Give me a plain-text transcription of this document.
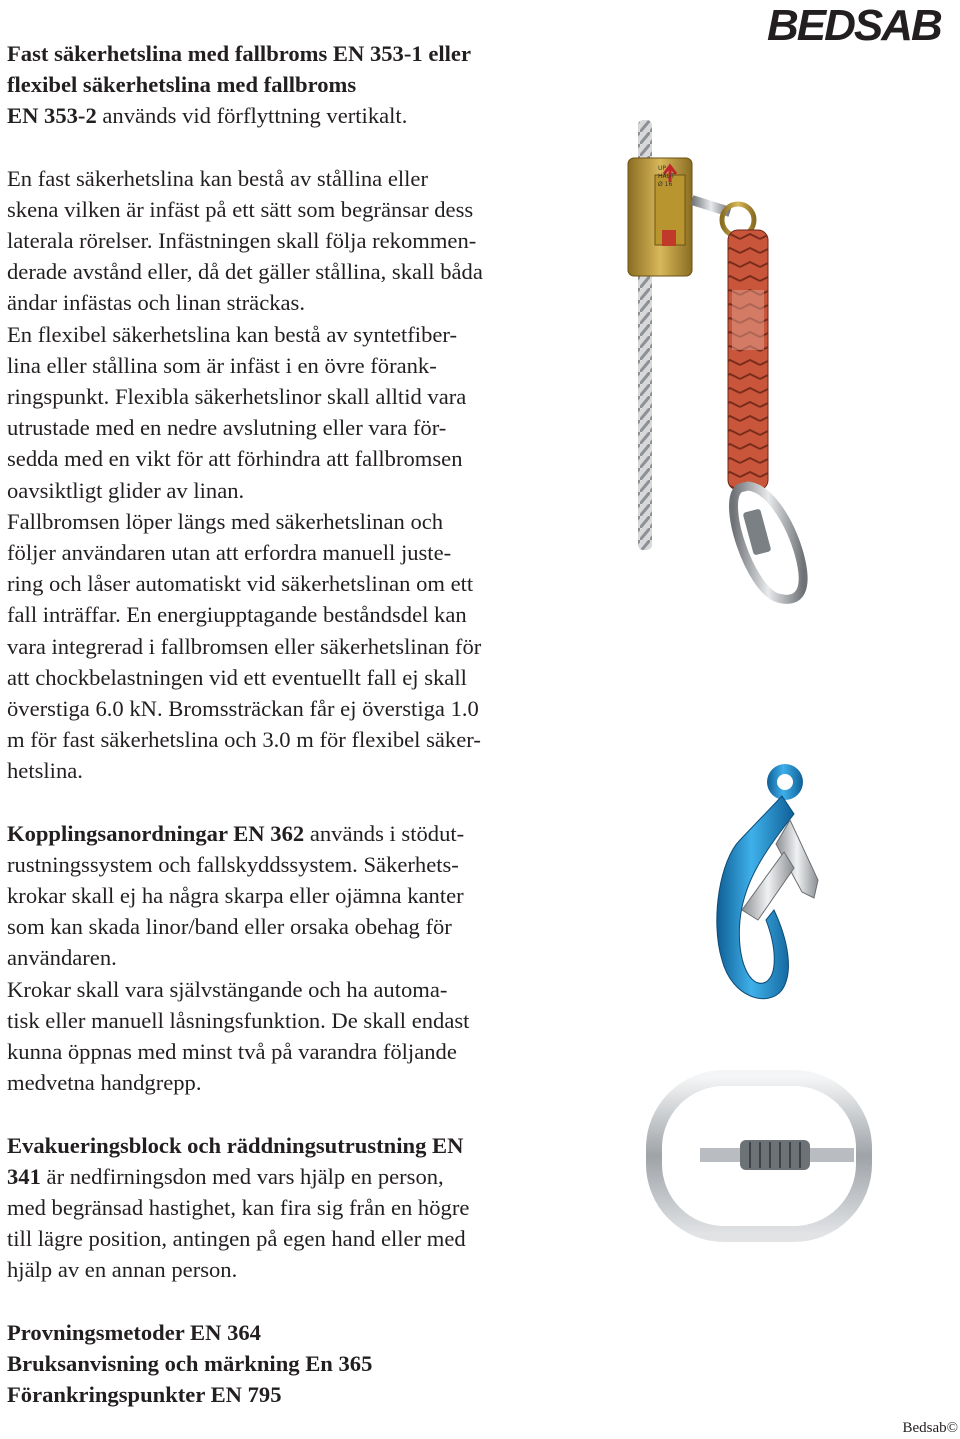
BEDSAB

Fast säkerhetslina med fallbroms EN 353-1 eller

flexibel säkerhetslina med fallbroms

EN 353-2 används vid förflyttning vertikalt.

En fast säkerhetslina kan bestå av stållina eller

skena vilken är infäst på ett sätt som begränsar dess

laterala rörelser. Infästningen skall följa rekommen-

derade avstånd eller, då det gäller stållina, skall båda

ändar infästas och linan sträckas.

En flexibel säkerhetslina kan bestå av syntetfiber-

lina eller stållina som är infäst i en övre förank-

ringspunkt. Flexibla säkerhetslinor skall alltid vara

utrustade med en nedre avslutning eller vara för-

sedda med en vikt för att förhindra att fallbromsen

oavsiktligt glider av linan.

Fallbromsen löper längs med säkerhetslinan och

följer användaren utan att erfordra manuell juste-

ring och låser automatiskt vid säkerhetslinan om ett

fall inträffar. En energiupptagande beståndsdel kan

vara integrerad i fallbromsen eller säkerhetslinan för

att chockbelastningen vid ett eventuellt fall ej skall

överstiga 6.0 kN. Bromssträckan får ej överstiga 1.0

m för fast säkerhetslina och 3.0 m för flexibel säker-

hetslina.

Kopplingsanordningar EN 362 används i stödut-

rustningssystem och fallskyddssystem. Säkerhets-

krokar skall ej ha några skarpa eller ojämna kanter

som kan skada linor/band eller orsaka obehag för

användaren.

Krokar skall vara självstängande och ha automa-

tisk eller manuell låsningsfunktion. De skall endast

kunna öppnas med minst två på varandra följande

medvetna handgrepp.

Evakueringsblock och räddningsutrustning EN

341 är nedfirningsdon med vars hjälp en person,

med begränsad hastighet, kan fira sig från en högre

till lägre position, antingen på egen hand eller med

hjälp av en annan person.

Provningsmetoder EN 364

Bruksanvisning och märkning En 365

Förankringspunkter EN 795

UP
HAUT
Ø 16
Bedsab©
